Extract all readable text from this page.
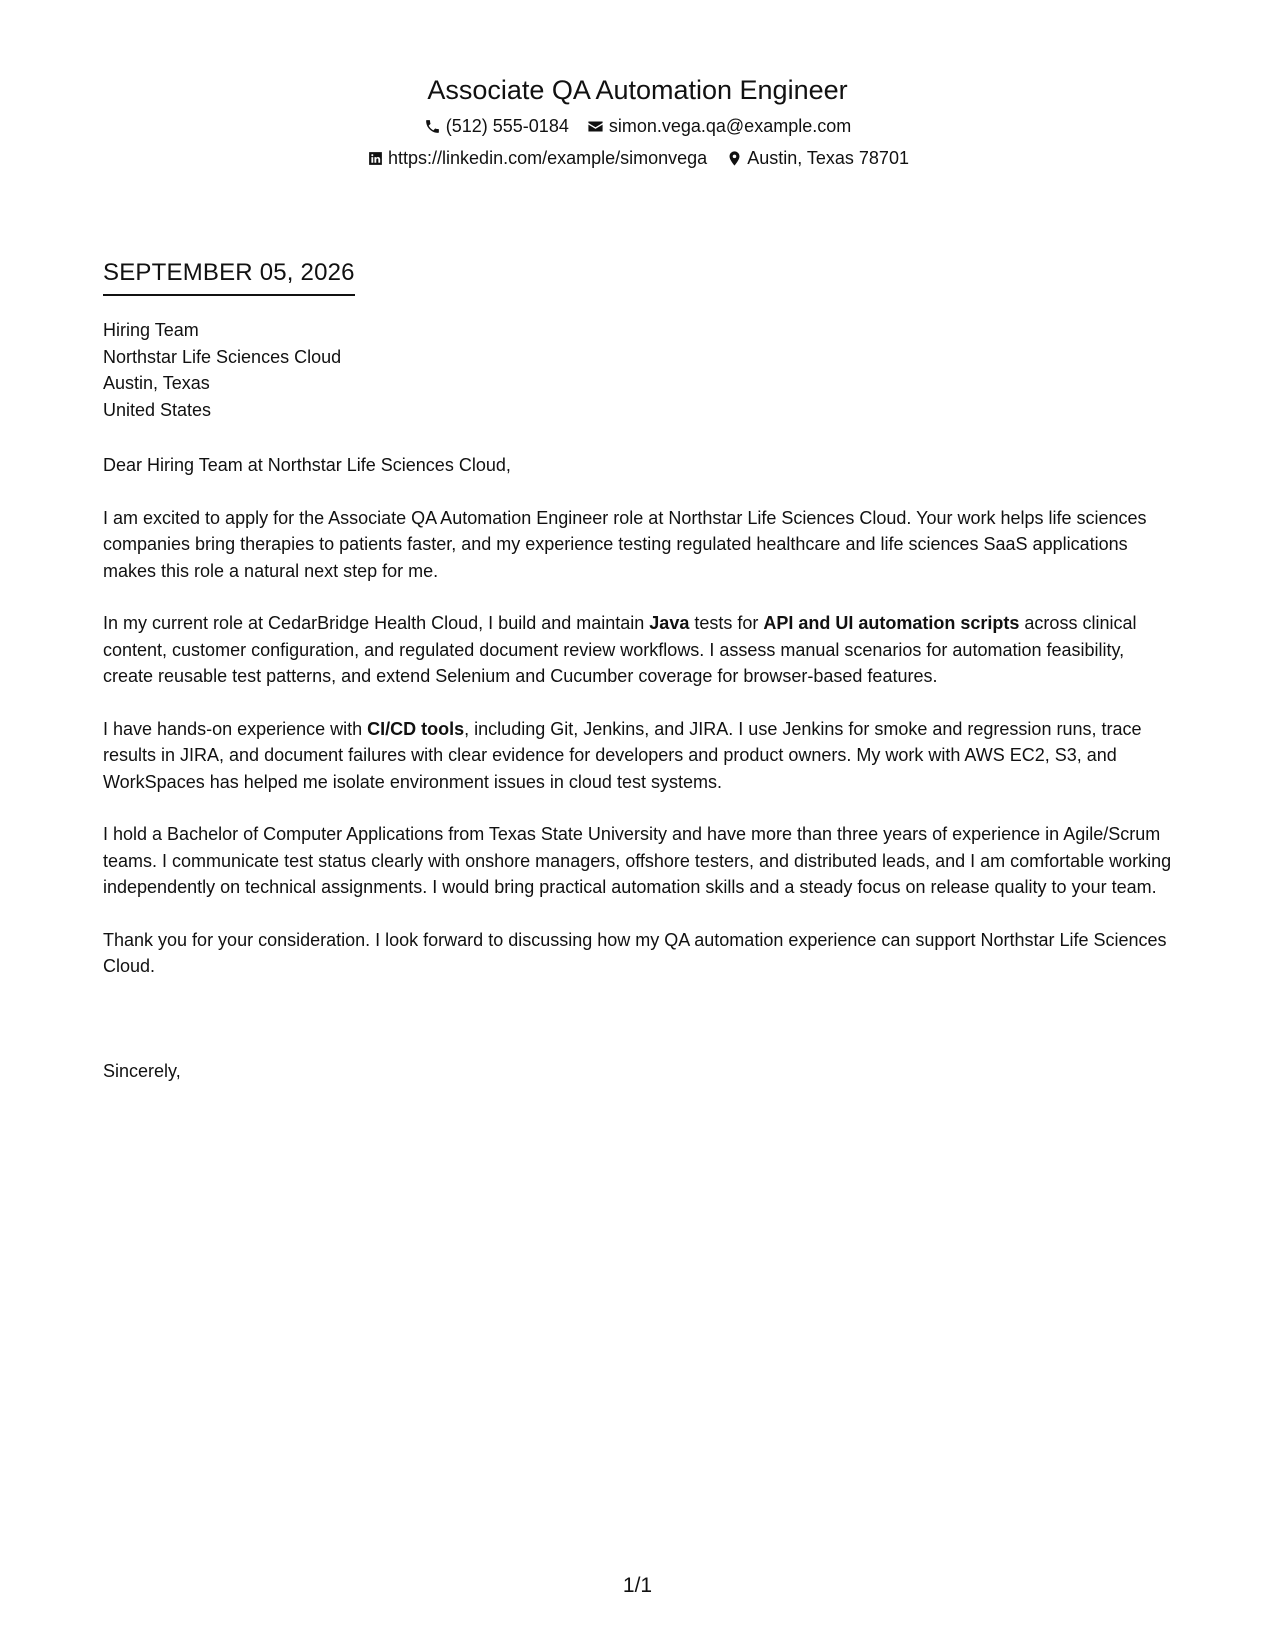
Associate QA Automation Engineer
(512) 555-0184 simon.vega.qa@example.com
https://linkedin.com/example/simonvega Austin, Texas 78701
SEPTEMBER 05, 2026
Hiring Team
Northstar Life Sciences Cloud
Austin, Texas
United States

Dear Hiring Team at Northstar Life Sciences Cloud,

I am excited to apply for the Associate QA Automation Engineer role at Northstar Life Sciences Cloud. Your work helps life sciences companies bring therapies to patients faster, and my experience testing regulated healthcare and life sciences SaaS applications makes this role a natural next step for me.

In my current role at CedarBridge Health Cloud, I build and maintain Java tests for API and UI automation scripts across clinical content, customer configuration, and regulated document review workflows. I assess manual scenarios for automation feasibility, create reusable test patterns, and extend Selenium and Cucumber coverage for browser-based features.

I have hands-on experience with CI/CD tools, including Git, Jenkins, and JIRA. I use Jenkins for smoke and regression runs, trace results in JIRA, and document failures with clear evidence for developers and product owners. My work with AWS EC2, S3, and WorkSpaces has helped me isolate environment issues in cloud test systems.

I hold a Bachelor of Computer Applications from Texas State University and have more than three years of experience in Agile/Scrum teams. I communicate test status clearly with onshore managers, offshore testers, and distributed leads, and I am comfortable working independently on technical assignments. I would bring practical automation skills and a steady focus on release quality to your team.

Thank you for your consideration. I look forward to discussing how my QA automation experience can support Northstar Life Sciences Cloud.

Sincerely,
1/1
